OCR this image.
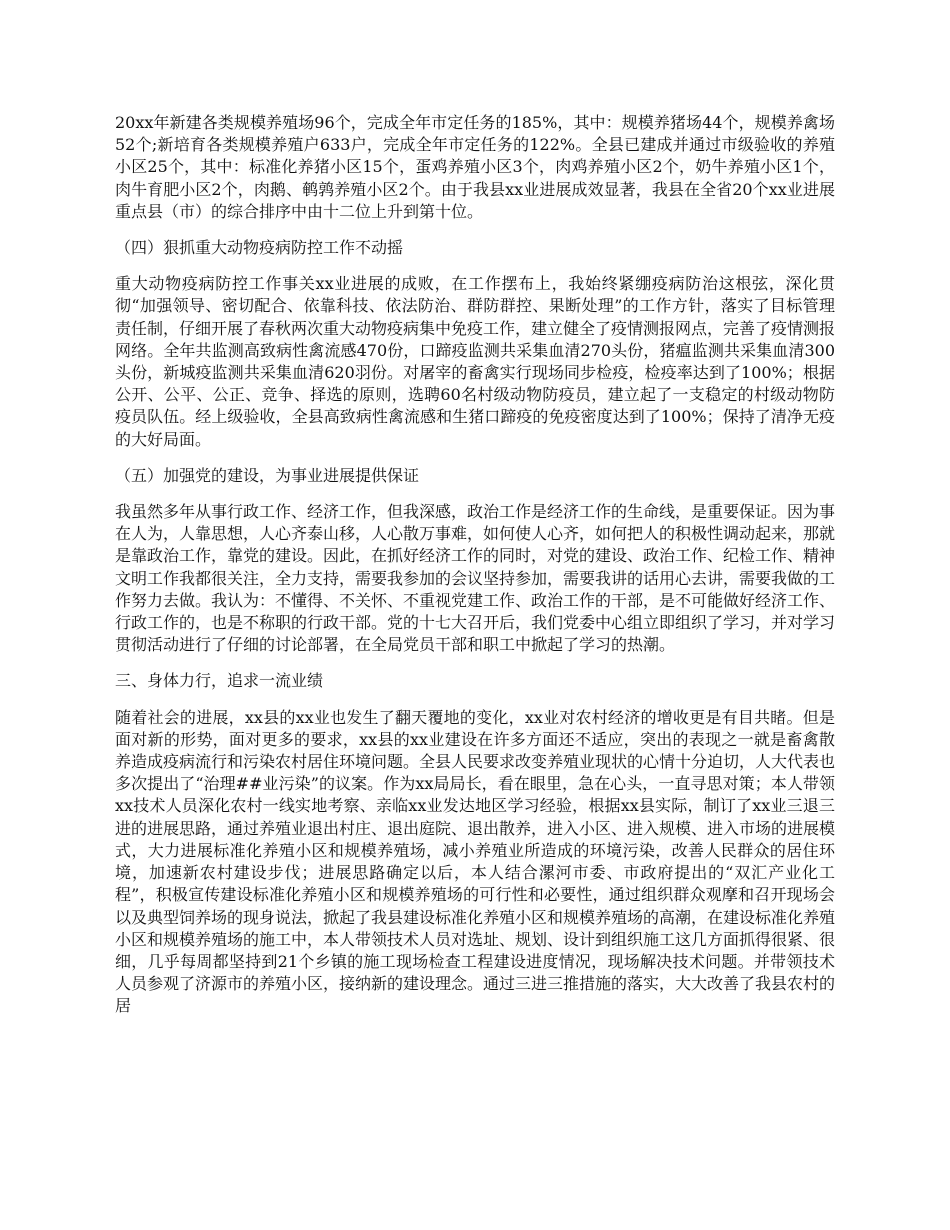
20xx年新建各类规模养殖场96个，完成全年市定任务的185%，其中：规模养猪场44个，规模养禽场52个;新培育各类规模养殖户633户，完成全年市定任务的122%。全县已建成并通过市级验收的养殖小区25个，其中：标准化养猪小区15个，蛋鸡养殖小区3个，肉鸡养殖小区2个，奶牛养殖小区1个，肉牛育肥小区2个，肉鹅、鹌鹑养殖小区2个。由于我县xx业进展成效显著，我县在全省20个xx业进展重点县（市）的综合排序中由十二位上升到第十位。

（四）狠抓重大动物疫病防控工作不动摇

重大动物疫病防控工作事关xx业进展的成败，在工作摆布上，我始终紧绷疫病防治这根弦，深化贯彻“加强领导、密切配合、依靠科技、依法防治、群防群控、果断处理”的工作方针，落实了目标管理责任制，仔细开展了春秋两次重大动物疫病集中免疫工作，建立健全了疫情测报网点，完善了疫情测报网络。全年共监测高致病性禽流感470份，口蹄疫监测共采集血清270头份，猪瘟监测共采集血清300头份，新城疫监测共采集血清620羽份。对屠宰的畜禽实行现场同步检疫，检疫率达到了100%；根据公开、公平、公正、竞争、择选的原则，选聘60名村级动物防疫员，建立起了一支稳定的村级动物防疫员队伍。经上级验收，全县高致病性禽流感和生猪口蹄疫的免疫密度达到了100%；保持了清净无疫的大好局面。

（五）加强党的建设，为事业进展提供保证

我虽然多年从事行政工作、经济工作，但我深感，政治工作是经济工作的生命线，是重要保证。因为事在人为，人靠思想，人心齐泰山移，人心散万事难，如何使人心齐，如何把人的积极性调动起来，那就是靠政治工作，靠党的建设。因此，在抓好经济工作的同时，对党的建设、政治工作、纪检工作、精神文明工作我都很关注，全力支持，需要我参加的会议坚持参加，需要我讲的话用心去讲，需要我做的工作努力去做。我认为：不懂得、不关怀、不重视党建工作、政治工作的干部，是不可能做好经济工作、行政工作的，也是不称职的行政干部。党的十七大召开后，我们党委中心组立即组织了学习，并对学习贯彻活动进行了仔细的讨论部署，在全局党员干部和职工中掀起了学习的热潮。

三、身体力行，追求一流业绩

随着社会的进展，xx县的xx业也发生了翻天覆地的变化，xx业对农村经济的增收更是有目共睹。但是面对新的形势，面对更多的要求，xx县的xx业建设在许多方面还不适应，突出的表现之一就是畜禽散养造成疫病流行和污染农村居住环境问题。全县人民要求改变养殖业现状的心情十分迫切，人大代表也多次提出了“治理##业污染”的议案。作为xx局局长，看在眼里，急在心头，一直寻思对策；本人带领xx技术人员深化农村一线实地考察、亲临xx业发达地区学习经验，根据xx县实际，制订了xx业三退三进的进展思路，通过养殖业退出村庄、退出庭院、退出散养，进入小区、进入规模、进入市场的进展模式，大力进展标准化养殖小区和规模养殖场，减小养殖业所造成的环境污染，改善人民群众的居住环境，加速新农村建设步伐；进展思路确定以后，本人结合漯河市委、市政府提出的“双汇产业化工程”，积极宣传建设标准化养殖小区和规模养殖场的可行性和必要性，通过组织群众观摩和召开现场会以及典型饲养场的现身说法，掀起了我县建设标准化养殖小区和规模养殖场的高潮，在建设标准化养殖小区和规模养殖场的施工中，本人带领技术人员对选址、规划、设计到组织施工这几方面抓得很紧、很细，几乎每周都坚持到21个乡镇的施工现场检查工程建设进度情况，现场解决技术问题。并带领技术人员参观了济源市的养殖小区，接纳新的建设理念。通过三进三推措施的落实，大大改善了我县农村的居
